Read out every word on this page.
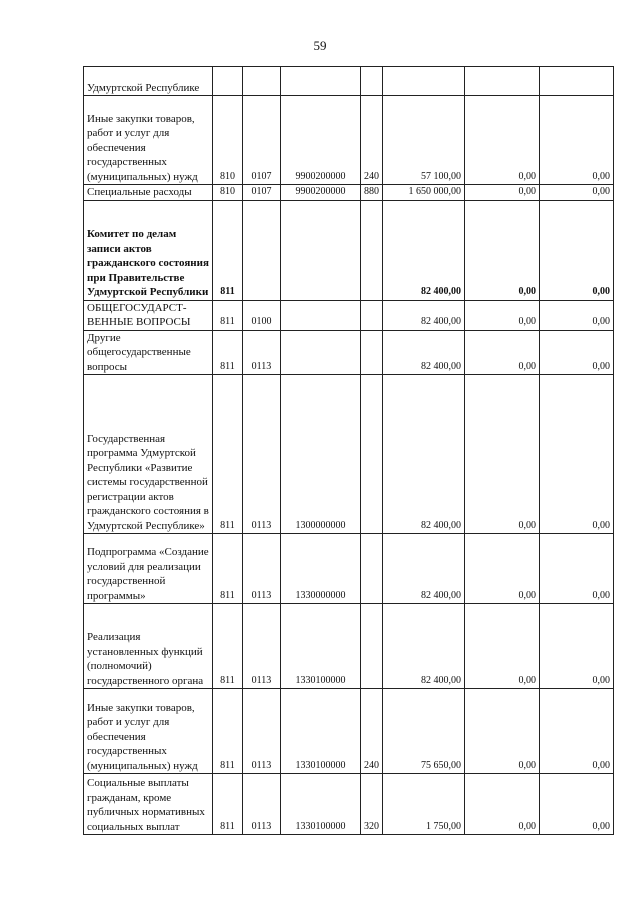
59
Удмуртской Республике							
Иные закупки товаров, работ и услуг для обеспечения государственных (муниципальных) нужд	810	0107	9900200000	240	57 100,00	0,00	0,00
Специальные расходы	810	0107	9900200000	880	1 650 000,00	0,00	0,00
Комитет по делам записи актов гражданского состояния при Правительстве Удмуртской Республики	811				82 400,00	0,00	0,00
ОБЩЕГОСУДАРСТ-ВЕННЫЕ ВОПРОСЫ	811	0100			82 400,00	0,00	0,00
Другие общегосударственные вопросы	811	0113			82 400,00	0,00	0,00
Государственная программа Удмуртской Республики «Развитие системы государственной регистрации актов гражданского состояния в Удмуртской Республике»	811	0113	1300000000		82 400,00	0,00	0,00
Подпрограмма «Создание условий для реализации государственной программы»	811	0113	1330000000		82 400,00	0,00	0,00
Реализация установленных функций (полномочий) государственного органа	811	0113	1330100000		82 400,00	0,00	0,00
Иные закупки товаров, работ и услуг для обеспечения государственных (муниципальных) нужд	811	0113	1330100000	240	75 650,00	0,00	0,00
Социальные выплаты гражданам, кроме публичных нормативных социальных выплат	811	0113	1330100000	320	1 750,00	0,00	0,00
